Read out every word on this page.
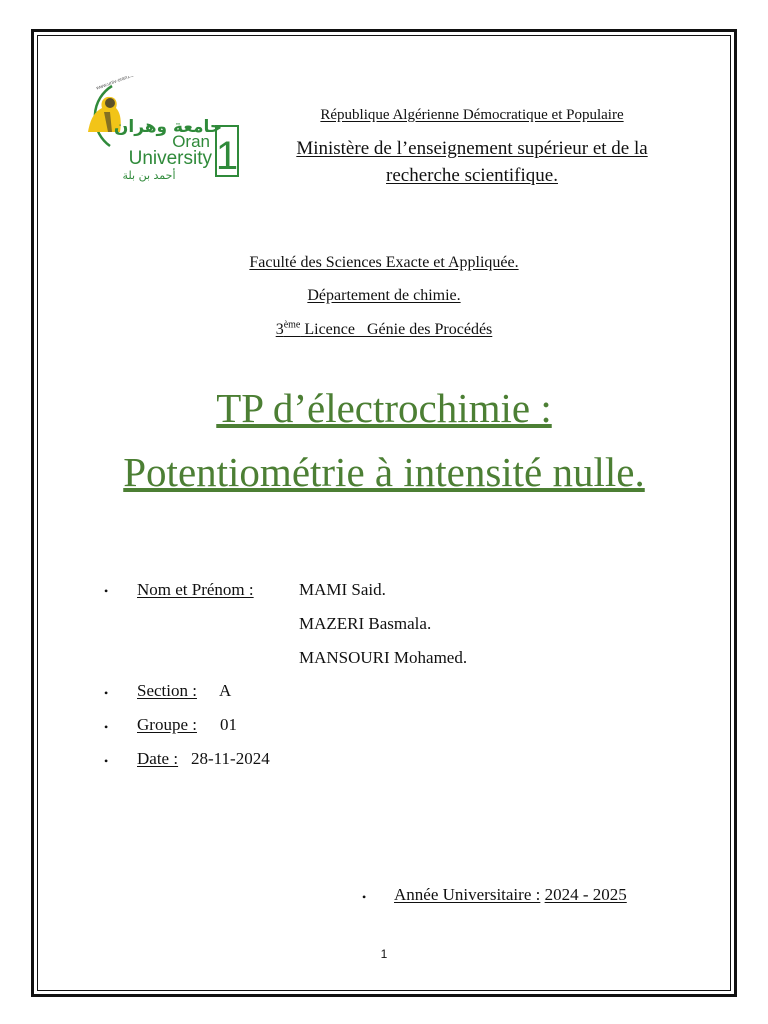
www.univ-oran1.dz
جامعة وهران
Oran
University
أحمد بن بلة 1
République Algérienne Démocratique et Populaire
Ministère de l’enseignement supérieur et de la
recherche scientifique.
Faculté des Sciences Exacte et Appliquée.
Département de chimie.
3ème Licence   Génie des Procédés
TP d’électrochimie :
Potentiométrie à intensité nulle.
• Nom et Prénom :	MAMI Said.
MAZERI Basmala.
MANSOURI Mohamed.
• Section : A
• Groupe : 01
• Date : 28-11-2024
• Année Universitaire : 2024 - 2025
1
